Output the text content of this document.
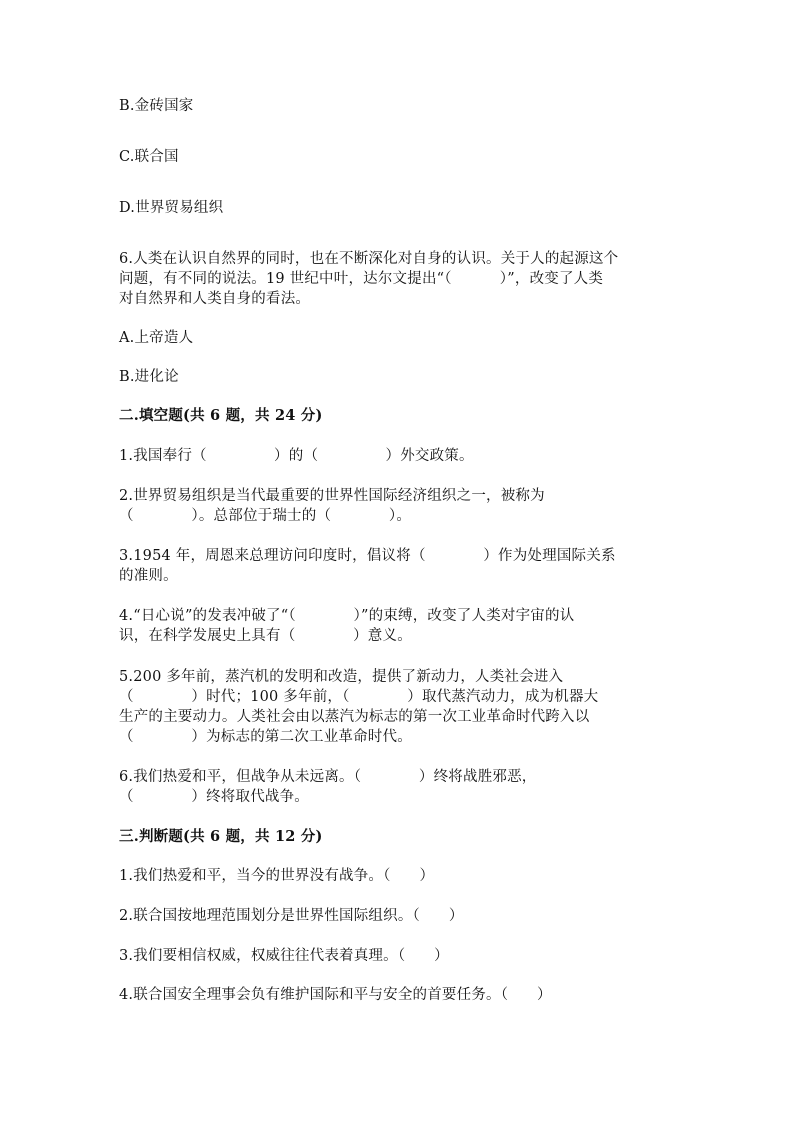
B.金砖国家
C.联合国
D.世界贸易组织
6.人类在认识自然界的同时，也在不断深化对自身的认识。关于人的起源这个
问题，有不同的说法。19 世纪中叶，达尔文提出“（          ）”，改变了人类
对自然界和人类自身的看法。
A.上帝造人
B.进化论
二.填空题(共 6 题，共 24 分)
1.我国奉行（              ）的（              ）外交政策。
2.世界贸易组织是当代最重要的世界性国际经济组织之一，被称为
（            ）。总部位于瑞士的（            ）。
3.1954 年，周恩来总理访问印度时，倡议将（            ）作为处理国际关系
的准则。
4.“日心说”的发表冲破了“（            ）”的束缚，改变了人类对宇宙的认
识，在科学发展史上具有（            ）意义。
5.200 多年前，蒸汽机的发明和改造，提供了新动力，人类社会进入
（            ）时代；100 多年前，（            ）取代蒸汽动力，成为机器大
生产的主要动力。人类社会由以蒸汽为标志的第一次工业革命时代跨入以
（            ）为标志的第二次工业革命时代。
6.我们热爱和平，但战争从未远离。（            ）终将战胜邪恶，
（            ）终将取代战争。
三.判断题(共 6 题，共 12 分)
1.我们热爱和平，当今的世界没有战争。（      ）
2.联合国按地理范围划分是世界性国际组织。（      ）
3.我们要相信权威，权威往往代表着真理。（      ）
4.联合国安全理事会负有维护国际和平与安全的首要任务。（      ）
